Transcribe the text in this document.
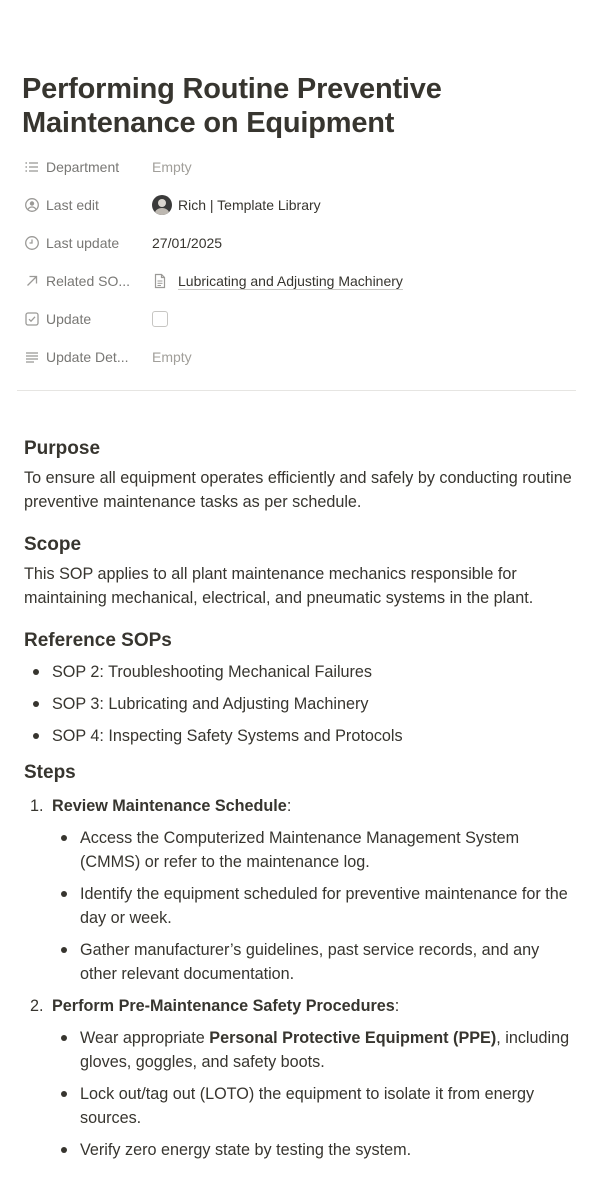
Performing Routine Preventive Maintenance on Equipment
Department Empty
Last edit	Rich | Template Library
Last update 27/01/2025
Related SO...	Lubricating and Adjusting Machinery
Update
Update Det... Empty
Purpose

To ensure all equipment operates efficiently and safely by conducting routine preventive maintenance tasks as per schedule.

Scope

This SOP applies to all plant maintenance mechanics responsible for maintaining mechanical, electrical, and pneumatic systems in the plant.

Reference SOPs
SOP 2: Troubleshooting Mechanical Failures
SOP 3: Lubricating and Adjusting Machinery
SOP 4: Inspecting Safety Systems and Protocols
Steps
1. Review Maintenance Schedule:
Access the Computerized Maintenance Management System (CMMS) or refer to the maintenance log.
Identify the equipment scheduled for preventive maintenance for the day or week.
Gather manufacturer’s guidelines, past service records, and any other relevant documentation.
2. Perform Pre-Maintenance Safety Procedures:
Wear appropriate Personal Protective Equipment (PPE), including gloves, goggles, and safety boots.
Lock out/tag out (LOTO) the equipment to isolate it from energy sources.
Verify zero energy state by testing the system.
